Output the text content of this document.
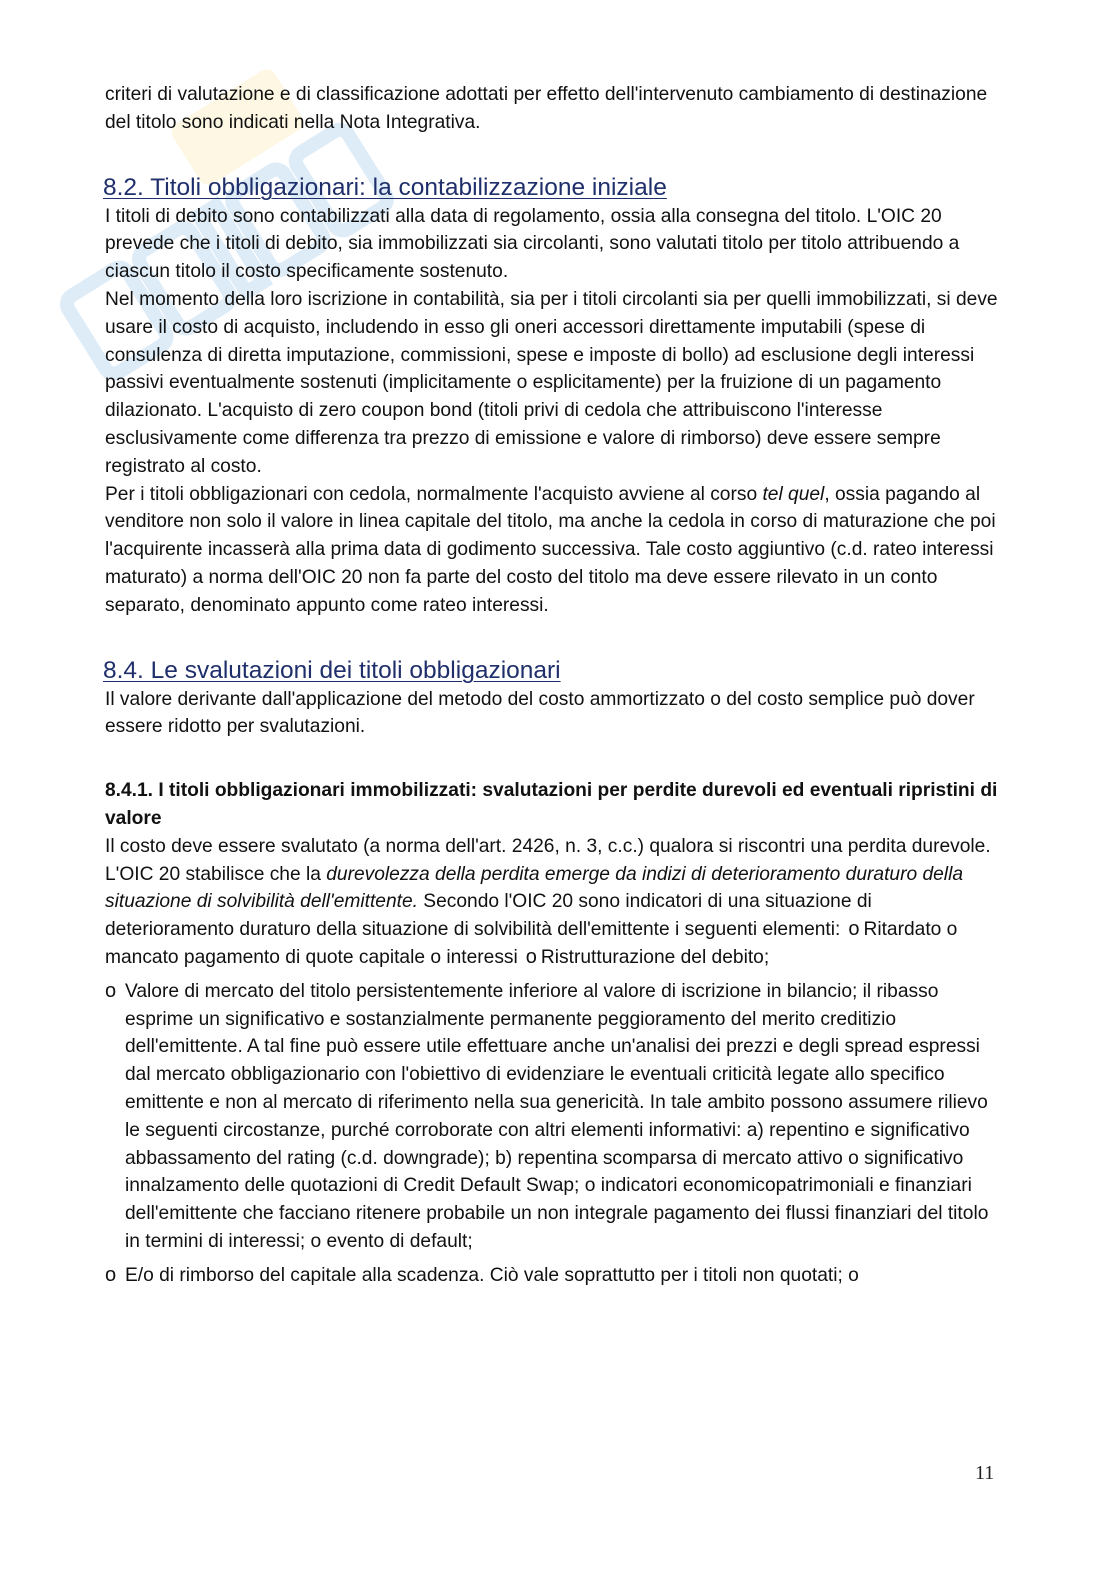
criteri di valutazione e di classificazione adottati per effetto dell'intervenuto cambiamento di destinazione del titolo sono indicati nella Nota Integrativa.

8.2. Titoli obbligazionari: la contabilizzazione iniziale

I titoli di debito sono contabilizzati alla data di regolamento, ossia alla consegna del titolo. L'OIC 20 prevede che i titoli di debito, sia immobilizzati sia circolanti, sono valutati titolo per titolo attribuendo a ciascun titolo il costo specificamente sostenuto.

Nel momento della loro iscrizione in contabilità, sia per i titoli circolanti sia per quelli immobilizzati, si deve usare il costo di acquisto, includendo in esso gli oneri accessori direttamente imputabili (spese di consulenza di diretta imputazione, commissioni, spese e imposte di bollo) ad esclusione degli interessi passivi eventualmente sostenuti (implicitamente o esplicitamente) per la fruizione di un pagamento dilazionato. L'acquisto di zero coupon bond (titoli privi di cedola che attribuiscono l'interesse esclusivamente come differenza tra prezzo di emissione e valore di rimborso) deve essere sempre registrato al costo.

Per i titoli obbligazionari con cedola, normalmente l'acquisto avviene al corso tel quel, ossia pagando al venditore non solo il valore in linea capitale del titolo, ma anche la cedola in corso di maturazione che poi l'acquirente incasserà alla prima data di godimento successiva. Tale costo aggiuntivo (c.d. rateo interessi maturato) a norma dell'OIC 20 non fa parte del costo del titolo ma deve essere rilevato in un conto separato, denominato appunto come rateo interessi.

8.4. Le svalutazioni dei titoli obbligazionari

Il valore derivante dall'applicazione del metodo del costo ammortizzato o del costo semplice può dover essere ridotto per svalutazioni.

8.4.1. I titoli obbligazionari immobilizzati: svalutazioni per perdite durevoli ed eventuali ripristini di valore

Il costo deve essere svalutato (a norma dell'art. 2426, n. 3, c.c.) qualora si riscontri una perdita durevole. L'OIC 20 stabilisce che la durevolezza della perdita emerge da indizi di deterioramento duraturo della situazione di solvibilità dell'emittente. Secondo l'OIC 20 sono indicatori di una situazione di deterioramento duraturo della situazione di solvibilità dell'emittente i seguenti elementi: o Ritardato o mancato pagamento di quote capitale o interessi o Ristrutturazione del debito;

o Valore di mercato del titolo persistentemente inferiore al valore di iscrizione in bilancio; il ribasso esprime un significativo e sostanzialmente permanente peggioramento del merito creditizio dell'emittente. A tal fine può essere utile effettuare anche un'analisi dei prezzi e degli spread espressi dal mercato obbligazionario con l'obiettivo di evidenziare le eventuali criticità legate allo specifico emittente e non al mercato di riferimento nella sua genericità. In tale ambito possono assumere rilievo le seguenti circostanze, purché corroborate con altri elementi informativi: a) repentino e significativo abbassamento del rating (c.d. downgrade); b) repentina scomparsa di mercato attivo o significativo innalzamento delle quotazioni di Credit Default Swap; o indicatori economicopatrimoniali e finanziari dell'emittente che facciano ritenere probabile un non integrale pagamento dei flussi finanziari del titolo in termini di interessi; o evento di default;
o E/o di rimborso del capitale alla scadenza. Ciò vale soprattutto per i titoli non quotati; o
11
